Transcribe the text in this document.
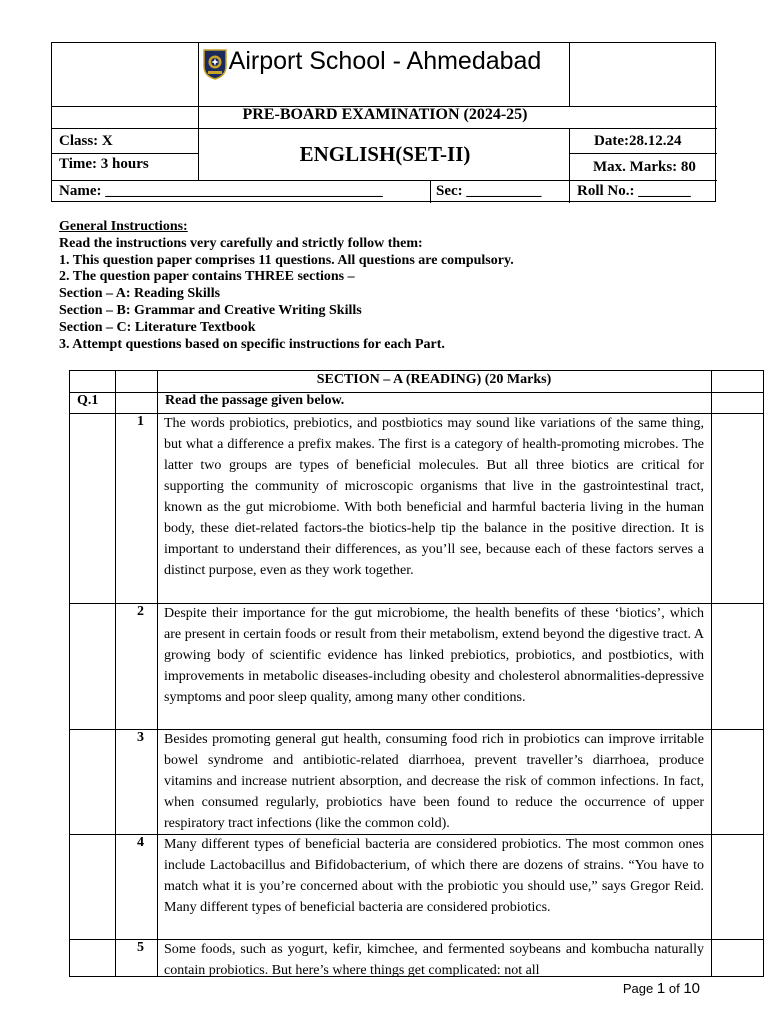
Airport School - Ahmedabad
PRE-BOARD EXAMINATION (2024-25)
ENGLISH(SET-II)
Class: X
Time: 3 hours
Date:28.12.24
Max. Marks: 80
Name: _____________________________________	Sec: __________ Roll No.: _______
General Instructions:
Read the instructions very carefully and strictly follow them:
1. This question paper comprises 11 questions. All questions are compulsory.
2. The question paper contains THREE sections –
Section – A: Reading Skills
Section – B: Grammar and Creative Writing Skills
Section – C: Literature Textbook
3. Attempt questions based on specific instructions for each Part.
SECTION – A (READING) (20 Marks)
Q.1	Read the passage given below.
1 The words probiotics, prebiotics, and postbiotics may sound like variations of the same thing, but what a difference a prefix makes. The first is a category of health-promoting microbes. The latter two groups are types of beneficial molecules. But all three biotics are critical for supporting the community of microscopic organisms that live in the gastrointestinal tract, known as the gut microbiome. With both beneficial and harmful bacteria living in the human body, these diet-related factors-the biotics-help tip the balance in the positive direction. It is important to understand their differences, as you’ll see, because each of these factors serves a distinct purpose, even as they work together.
2 Despite their importance for the gut microbiome, the health benefits of these ‘biotics’, which are present in certain foods or result from their metabolism, extend beyond the digestive tract. A growing body of scientific evidence has linked prebiotics, probiotics, and postbiotics, with improvements in metabolic diseases-including obesity and cholesterol abnormalities-depressive symptoms and poor sleep quality, among many other conditions.
3 Besides promoting general gut health, consuming food rich in probiotics can improve irritable bowel syndrome and antibiotic-related diarrhoea, prevent traveller’s diarrhoea, produce vitamins and increase nutrient absorption, and decrease the risk of common infections. In fact, when consumed regularly, probiotics have been found to reduce the occurrence of upper respiratory tract infections (like the common cold).
4 Many different types of beneficial bacteria are considered probiotics. The most common ones include Lactobacillus and Bifidobacterium, of which there are dozens of strains. “You have to match what it is you’re concerned about with the probiotic you should use,” says Gregor Reid. Many different types of beneficial bacteria are considered probiotics.
5 Some foods, such as yogurt, kefir, kimchee, and fermented soybeans and kombucha naturally contain probiotics. But here’s where things get complicated: not all
Page 1 of 10
